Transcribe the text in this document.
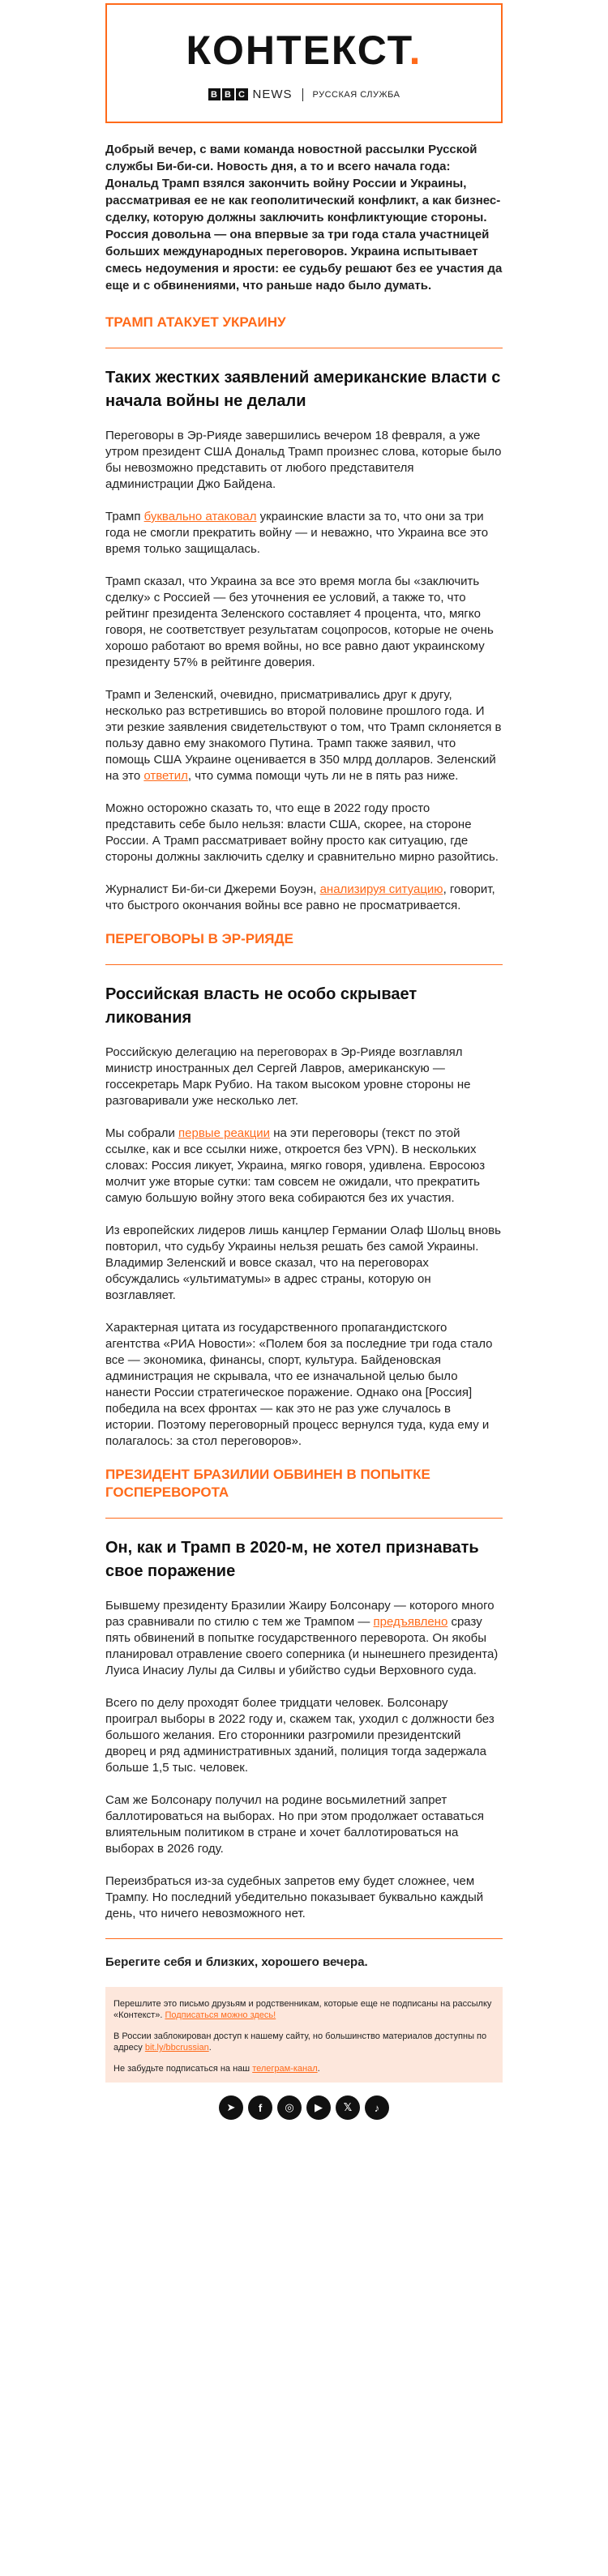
КОНТЕКСТ.
B B C NEWS РУССКАЯ СЛУЖБА
Добрый вечер, с вами команда новостной рассылки Русской службы Би-би-си. Новость дня, а то и всего начала года: Дональд Трамп взялся закончить войну России и Украины, рассматривая ее не как геополитический конфликт, а как бизнес-сделку, которую должны заключить конфликтующие стороны. Россия довольна — она впервые за три года стала участницей больших международных переговоров. Украина испытывает смесь недоумения и ярости: ее судьбу решают без ее участия да еще и с обвинениями, что раньше надо было думать.
ТРАМП АТАКУЕТ УКРАИНУ
Таких жестких заявлений американские власти с начала войны не делали

Переговоры в Эр-Рияде завершились вечером 18 февраля, а уже утром президент США Дональд Трамп произнес слова, которые было бы невозможно представить от любого представителя администрации Джо Байдена.

Трамп буквально атаковал украинские власти за то, что они за три года не смогли прекратить войну — и неважно, что Украина все это время только защищалась.

Трамп сказал, что Украина за все это время могла бы «заключить сделку» с Россией — без уточнения ее условий, а также то, что рейтинг президента Зеленского составляет 4 процента, что, мягко говоря, не соответствует результатам соцопросов, которые не очень хорошо работают во время войны, но все равно дают украинскому президенту 57% в рейтинге доверия.

Трамп и Зеленский, очевидно, присматривались друг к другу, несколько раз встретившись во второй половине прошлого года. И эти резкие заявления свидетельствуют о том, что Трамп склоняется в пользу давно ему знакомого Путина. Трамп также заявил, что помощь США Украине оценивается в 350 млрд долларов. Зеленский на это ответил, что сумма помощи чуть ли не в пять раз ниже.

Можно осторожно сказать то, что еще в 2022 году просто представить себе было нельзя: власти США, скорее, на стороне России. А Трамп рассматривает войну просто как ситуацию, где стороны должны заключить сделку и сравнительно мирно разойтись.

Журналист Би-би-си Джереми Боуэн, анализируя ситуацию, говорит, что быстрого окончания войны все равно не просматривается.

ПЕРЕГОВОРЫ В ЭР-РИЯДЕ
Российская власть не особо скрывает ликования

Российскую делегацию на переговорах в Эр-Рияде возглавлял министр иностранных дел Сергей Лавров, американскую — госсекретарь Марк Рубио. На таком высоком уровне стороны не разговаривали уже несколько лет.

Мы собрали первые реакции на эти переговоры (текст по этой ссылке, как и все ссылки ниже, откроется без VPN). В нескольких словах: Россия ликует, Украина, мягко говоря, удивлена. Евросоюз молчит уже вторые сутки: там совсем не ожидали, что прекратить самую большую войну этого века собираются без их участия.

Из европейских лидеров лишь канцлер Германии Олаф Шольц вновь повторил, что судьбу Украины нельзя решать без самой Украины. Владимир Зеленский и вовсе сказал, что на переговорах обсуждались «ультиматумы» в адрес страны, которую он возглавляет.

Характерная цитата из государственного пропагандистского агентства «РИА Новости»: «Полем боя за последние три года стало все — экономика, финансы, спорт, культура. Байденовская администрация не скрывала, что ее изначальной целью было нанести России стратегическое поражение. Однако она [Россия] победила на всех фронтах — как это не раз уже случалось в истории. Поэтому переговорный процесс вернулся туда, куда ему и полагалось: за стол переговоров».

ПРЕЗИДЕНТ БРАЗИЛИИ ОБВИНЕН В ПОПЫТКЕ ГОСПЕРЕВОРОТА
Он, как и Трамп в 2020-м, не хотел признавать свое поражение

Бывшему президенту Бразилии Жаиру Болсонару — которого много раз сравнивали по стилю с тем же Трампом — предъявлено сразу пять обвинений в попытке государственного переворота. Он якобы планировал отравление своего соперника (и нынешнего президента) Луиса Инасиу Лулы да Силвы и убийство судьи Верховного суда.

Всего по делу проходят более тридцати человек. Болсонару проиграл выборы в 2022 году и, скажем так, уходил с должности без большого желания. Его сторонники разгромили президентский дворец и ряд административных зданий, полиция тогда задержала больше 1,5 тыс. человек.

Сам же Болсонару получил на родине восьмилетний запрет баллотироваться на выборах. Но при этом продолжает оставаться влиятельным политиком в стране и хочет баллотироваться на выборах в 2026 году.

Переизбраться из-за судебных запретов ему будет сложнее, чем Трампу. Но последний убедительно показывает буквально каждый день, что ничего невозможного нет.

Берегите себя и близких, хорошего вечера.

Перешлите это письмо друзьям и родственникам, которые еще не подписаны на рассылку «Контекст». Подписаться можно здесь!

В России заблокирован доступ к нашему сайту, но большинство материалов доступны по адресу bit.ly/bbcrussian.

Не забудьте подписаться на наш телеграм-канал.

➤	f	◎	▶	𝕏	♪
